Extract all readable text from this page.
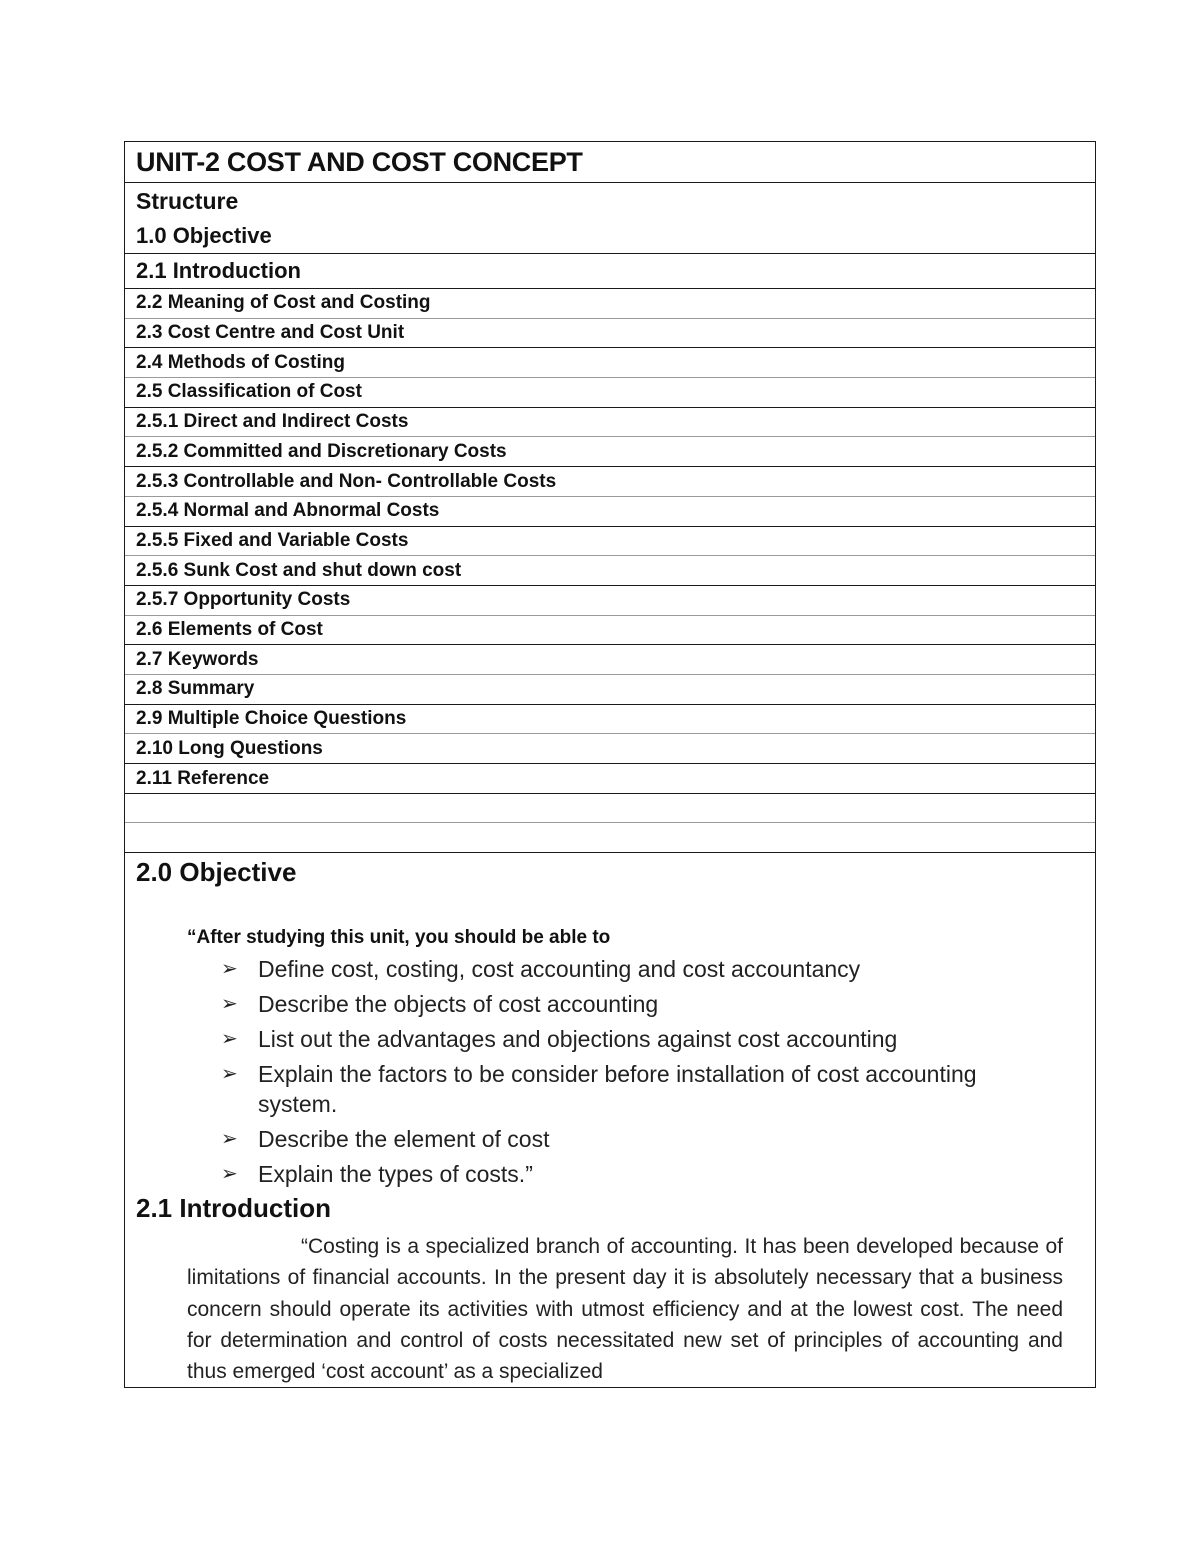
UNIT-2 COST AND COST CONCEPT
Structure
1.0 Objective
2.1 Introduction
2.2 Meaning of Cost and Costing
2.3 Cost Centre and Cost Unit
2.4 Methods of Costing
2.5 Classification of Cost
2.5.1 Direct and Indirect Costs
2.5.2 Committed and Discretionary Costs
2.5.3 Controllable and Non- Controllable Costs
2.5.4 Normal and Abnormal Costs
2.5.5 Fixed and Variable Costs
2.5.6 Sunk Cost and shut down cost
2.5.7 Opportunity Costs
2.6 Elements of Cost
2.7 Keywords
2.8 Summary
2.9 Multiple Choice Questions
2.10 Long Questions
2.11 Reference
2.0 Objective
“After studying this unit, you should be able to
➢ Define cost, costing, cost accounting and cost accountancy
➢ Describe the objects of cost accounting
➢ List out the advantages and objections against cost accounting
➢ Explain the factors to be consider before installation of cost accounting system.
➢ Describe the element of cost
➢ Explain the types of costs.”
2.1 Introduction

“Costing is a specialized branch of accounting. It has been developed because of limitations of financial accounts. In the present day it is absolutely necessary that a business concern should operate its activities with utmost efficiency and at the lowest cost. The need for determination and control of costs necessitated new set of principles of accounting and thus emerged ‘cost account’ as a specialized
